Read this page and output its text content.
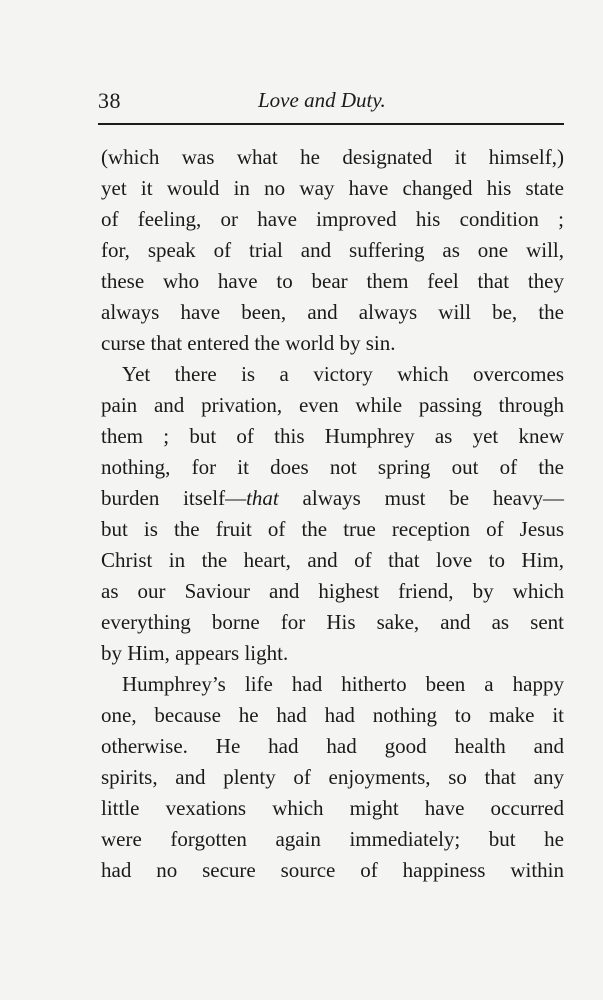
38	Love and Duty.
(which was what he designated it himself,)
yet it would in no way have changed his state
of feeling, or have improved his condition ;
for, speak of trial and suffering as one will,
these who have to bear them feel that they
always have been, and always will be, the
curse that entered the world by sin.
Yet there is a victory which overcomes
pain and privation, even while passing through
them ; but of this Humphrey as yet knew
nothing, for it does not spring out of the
burden itself—that always must be heavy—
but is the fruit of the true reception of Jesus
Christ in the heart, and of that love to Him,
as our Saviour and highest friend, by which
everything borne for His sake, and as sent
by Him, appears light.
Humphrey’s life had hitherto been a happy
one, because he had had nothing to make it
otherwise. He had had good health and
spirits, and plenty of enjoyments, so that any
little vexations which might have occurred
were forgotten again immediately; but he
had no secure source of happiness within
